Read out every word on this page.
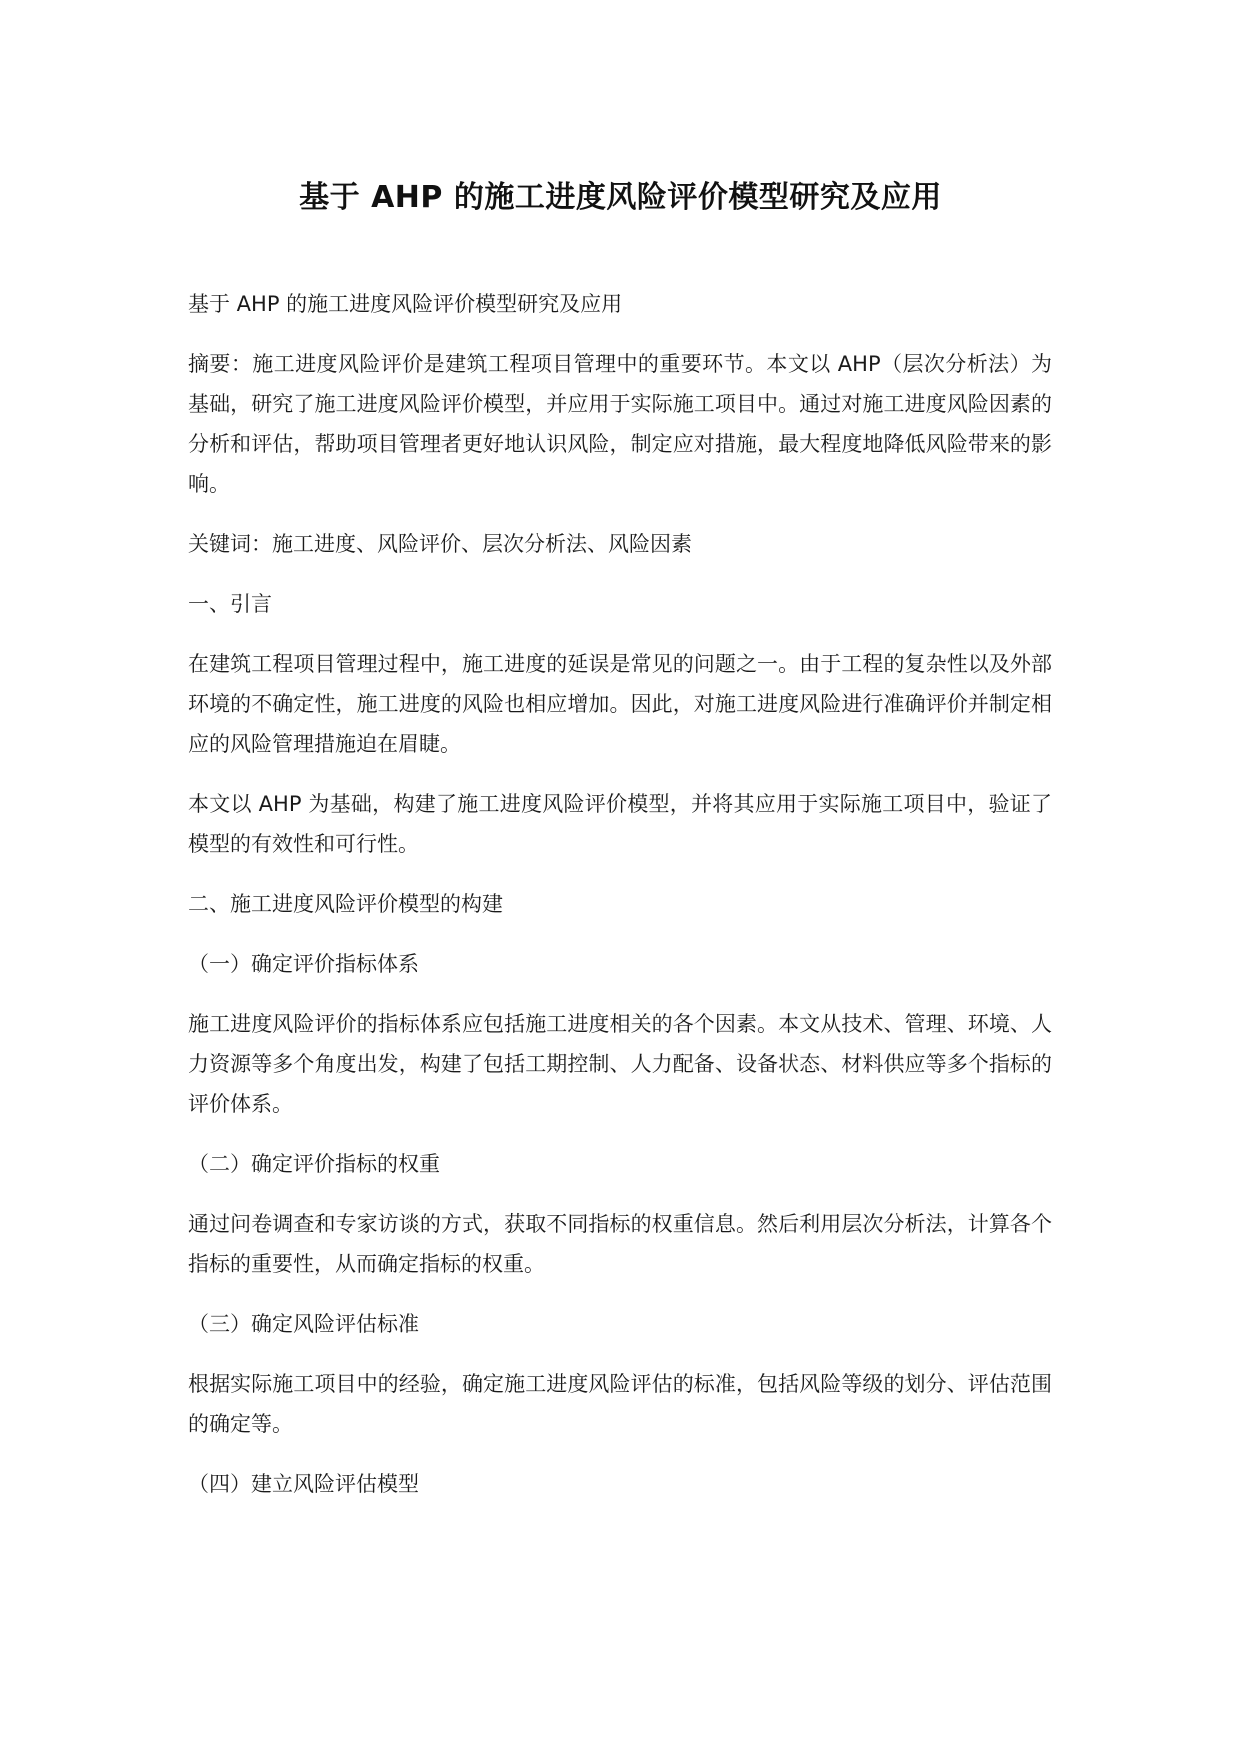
基于 AHP 的施工进度风险评价模型研究及应用

基于 AHP 的施工进度风险评价模型研究及应用

摘要：施工进度风险评价是建筑工程项目管理中的重要环节。本文以 AHP（层次分析法）为基础，研究了施工进度风险评价模型，并应用于实际施工项目中。通过对施工进度风险因素的分析和评估，帮助项目管理者更好地认识风险，制定应对措施，最大程度地降低风险带来的影响。

关键词：施工进度、风险评价、层次分析法、风险因素

一、引言

在建筑工程项目管理过程中，施工进度的延误是常见的问题之一。由于工程的复杂性以及外部环境的不确定性，施工进度的风险也相应增加。因此，对施工进度风险进行准确评价并制定相应的风险管理措施迫在眉睫。

本文以 AHP 为基础，构建了施工进度风险评价模型，并将其应用于实际施工项目中，验证了模型的有效性和可行性。

二、施工进度风险评价模型的构建

（一）确定评价指标体系

施工进度风险评价的指标体系应包括施工进度相关的各个因素。本文从技术、管理、环境、人力资源等多个角度出发，构建了包括工期控制、人力配备、设备状态、材料供应等多个指标的评价体系。

（二）确定评价指标的权重

通过问卷调查和专家访谈的方式，获取不同指标的权重信息。然后利用层次分析法，计算各个指标的重要性，从而确定指标的权重。

（三）确定风险评估标准

根据实际施工项目中的经验，确定施工进度风险评估的标准，包括风险等级的划分、评估范围的确定等。

（四）建立风险评估模型
